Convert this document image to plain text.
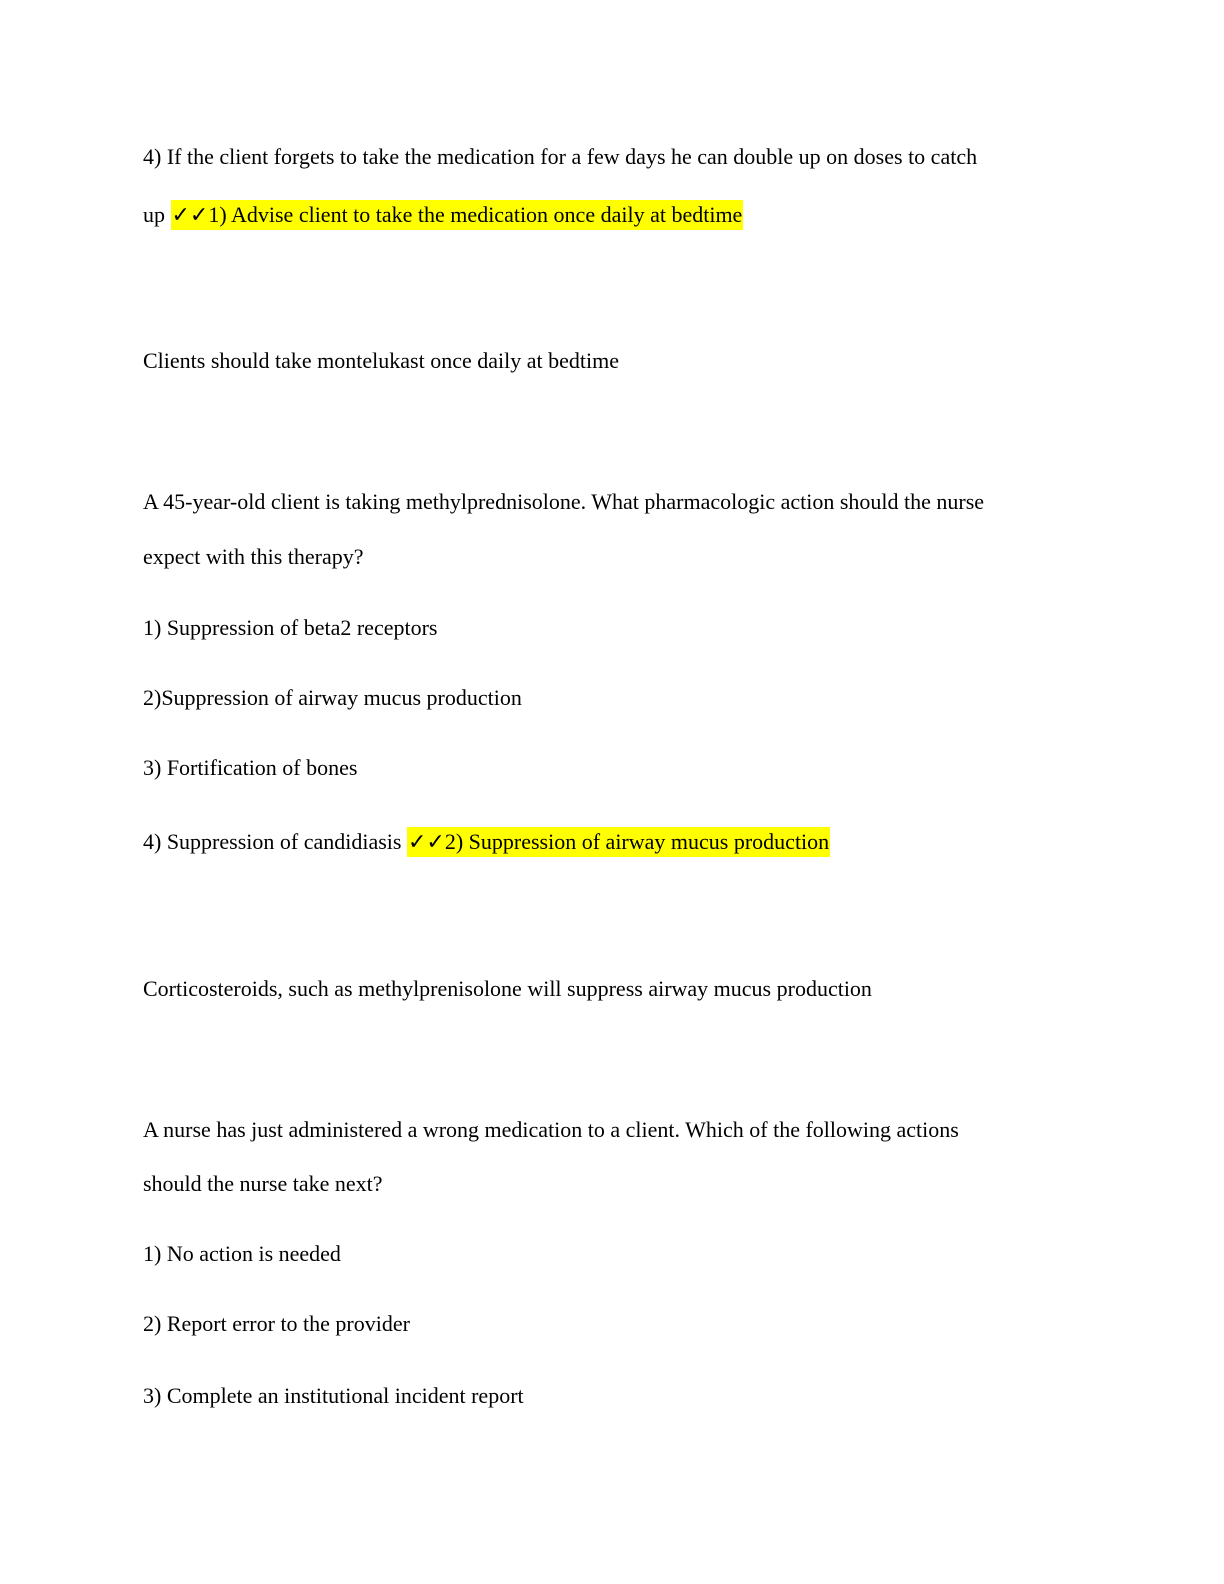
4) If the client forgets to take the medication for a few days he can double up on doses to catch
up ✓✓1) Advise client to take the medication once daily at bedtime
Clients should take montelukast once daily at bedtime
A 45-year-old client is taking methylprednisolone. What pharmacologic action should the nurse
expect with this therapy?
1) Suppression of beta2 receptors
2)Suppression of airway mucus production
3) Fortification of bones
4) Suppression of candidiasis ✓✓2) Suppression of airway mucus production
Corticosteroids, such as methylprenisolone will suppress airway mucus production
A nurse has just administered a wrong medication to a client. Which of the following actions
should the nurse take next?
1) No action is needed
2) Report error to the provider
3) Complete an institutional incident report
